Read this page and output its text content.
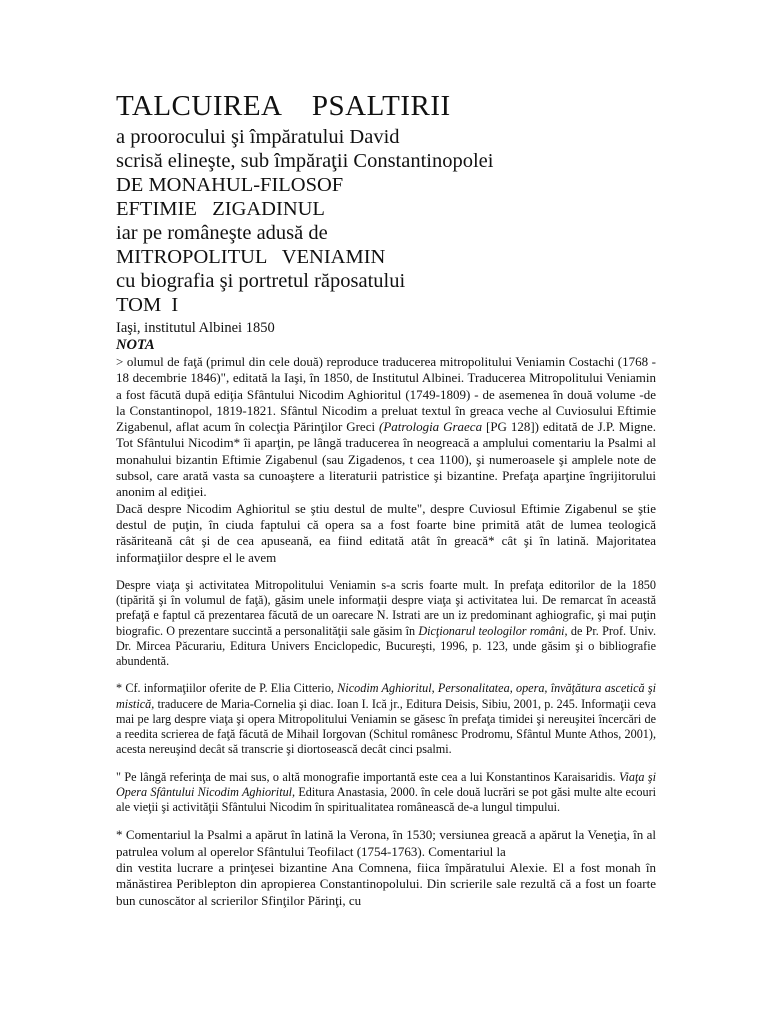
TALCUIREA    PSALTIRII

a proorocului şi împăratului David

scrisă elineşte, sub împăraţii Constantinopolei

DE MONAHUL-FILOSOF

EFTIMIE   ZIGADINUL

iar pe româneşte adusă de

MITROPOLITUL   VENIAMIN

cu biografia şi portretul răposatului

TOM  I

Iaşi, institutul Albinei 1850

NOTA

> olumul de faţă (primul din cele două) reproduce traducerea mitropolitului Veniamin Costachi (1768 - 18 decembrie 1846)", editată la Iaşi, în 1850, de Institutul Albinei. Traducerea Mitropolitului Veniamin a fost făcută după ediţia Sfântului Nicodim Aghioritul (1749-1809) - de asemenea în două volume -de la Constantinopol, 1819-1821. Sfântul Nicodim a preluat textul în greaca veche al Cuviosului Eftimie Zigabenul, aflat acum în colecţia Părinţilor Greci (Patrologia Graeca [PG 128]) editată de J.P. Migne. Tot Sfântului Nicodim* îi aparţin, pe lângă traducerea în neogreacă a amplului comentariu la Psalmi al monahului bizantin Eftimie Zigabenul (sau Zigadenos, t cea 1100), şi numeroasele şi amplele note de subsol, care arată vasta sa cunoaştere a literaturii patristice şi bizantine. Prefaţa aparţine îngrijitorului anonim al ediţiei.

Dacă despre Nicodim Aghioritul se ştiu destul de multe", despre Cuviosul Eftimie Zigabenul se ştie destul de puţin, în ciuda faptului că opera sa a fost foarte bine primită atât de lumea teologică răsăriteană cât şi de cea apuseană, ea fiind editată atât în greacă* cât şi în latină. Majoritatea informaţiilor despre el le avem

Despre viaţa şi activitatea Mitropolitului Veniamin s-a scris foarte mult. In prefaţa editorilor de la 1850 (tipărită şi în volumul de faţă), găsim unele informaţii despre viaţa şi activitatea lui. De remarcat în această prefaţă e faptul că prezentarea făcută de un oarecare N. Istrati are un iz predominant aghiografic, şi mai puţin biografic. O prezentare succintă a personalităţii sale găsim în Dicţionarul teologilor români, de Pr. Prof. Univ. Dr. Mircea Păcurariu, Editura Univers Enciclopedic, Bucureşti, 1996, p. 123, unde găsim şi o bibliografie abundentă.

* Cf. informaţiilor oferite de P. Elia Citterio, Nicodim Aghioritul, Personalitatea, opera, învăţătura ascetică şi mistică, traducere de Maria-Cornelia şi diac. Ioan I. Ică jr., Editura Deisis, Sibiu, 2001, p. 245. Informaţii ceva mai pe larg despre viaţa şi opera Mitropolitului Veniamin se găsesc în prefaţa timidei şi nereuşitei încercări de a reedita scrierea de faţă făcută de Mihail Iorgovan (Schitul românesc Prodromu, Sfântul Munte Athos, 2001), acesta nereuşind decât să transcrie şi diortosească decât cinci psalmi.

" Pe lângă referinţa de mai sus, o altă monografie importantă este cea a lui Konstantinos Karaisaridis. Viaţa şi Opera Sfântului Nicodim Aghioritul, Editura Anastasia, 2000. în cele două lucrări se pot găsi multe alte ecouri ale vieţii şi activităţii Sfântului Nicodim în spiritualitatea românească de-a lungul timpului.

* Comentariul la Psalmi a apărut în latină la Verona, în 1530; versiunea greacă a apărut la Veneţia, în al patrulea volum al operelor Sfântului Teofilact (1754-1763). Comentariul la

din vestita lucrare a prinţesei bizantine Ana Comnena, fiica împăratului Alexie. El a fost monah în mănăstirea Periblepton din apropierea Constantinopolului. Din scrierile sale rezultă că a fost un foarte bun cunoscător al scrierilor Sfinţilor Părinţi, cu
